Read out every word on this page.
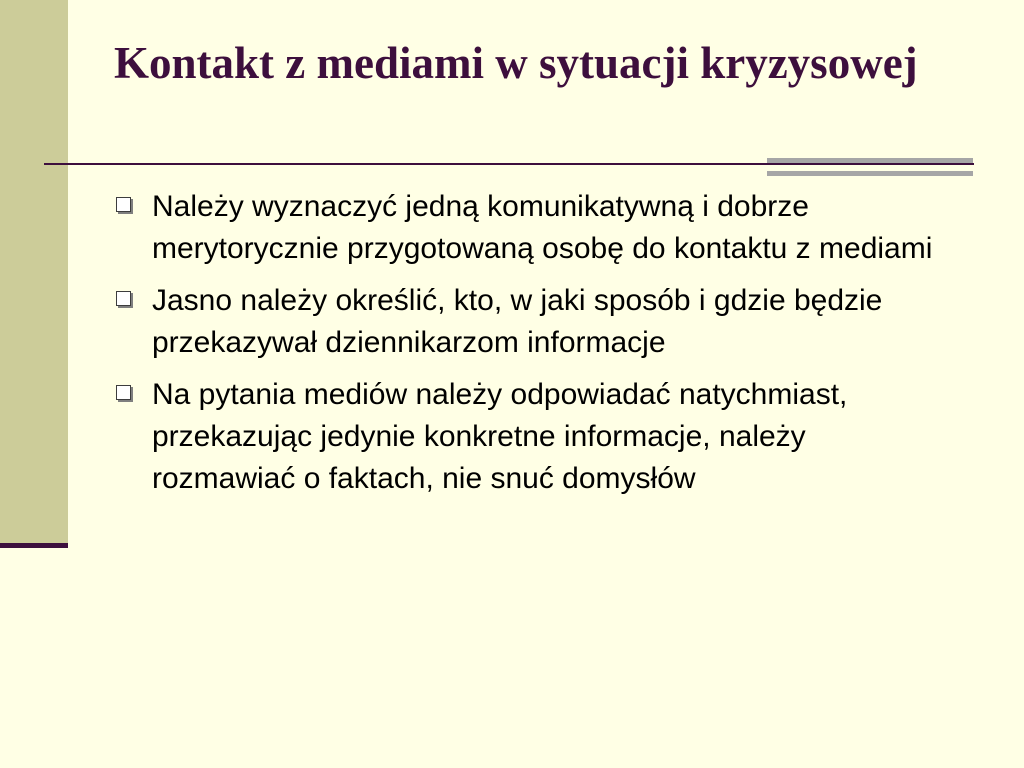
Kontakt z mediami w sytuacji kryzysowej
Należy wyznaczyć jedną komunikatywną i dobrze merytorycznie przygotowaną osobę do kontaktu z mediami
Jasno należy określić, kto, w jaki sposób i gdzie będzie przekazywał dziennikarzom informacje
Na pytania mediów należy odpowiadać natychmiast, przekazując jedynie konkretne informacje, należy rozmawiać o faktach, nie snuć domysłów
